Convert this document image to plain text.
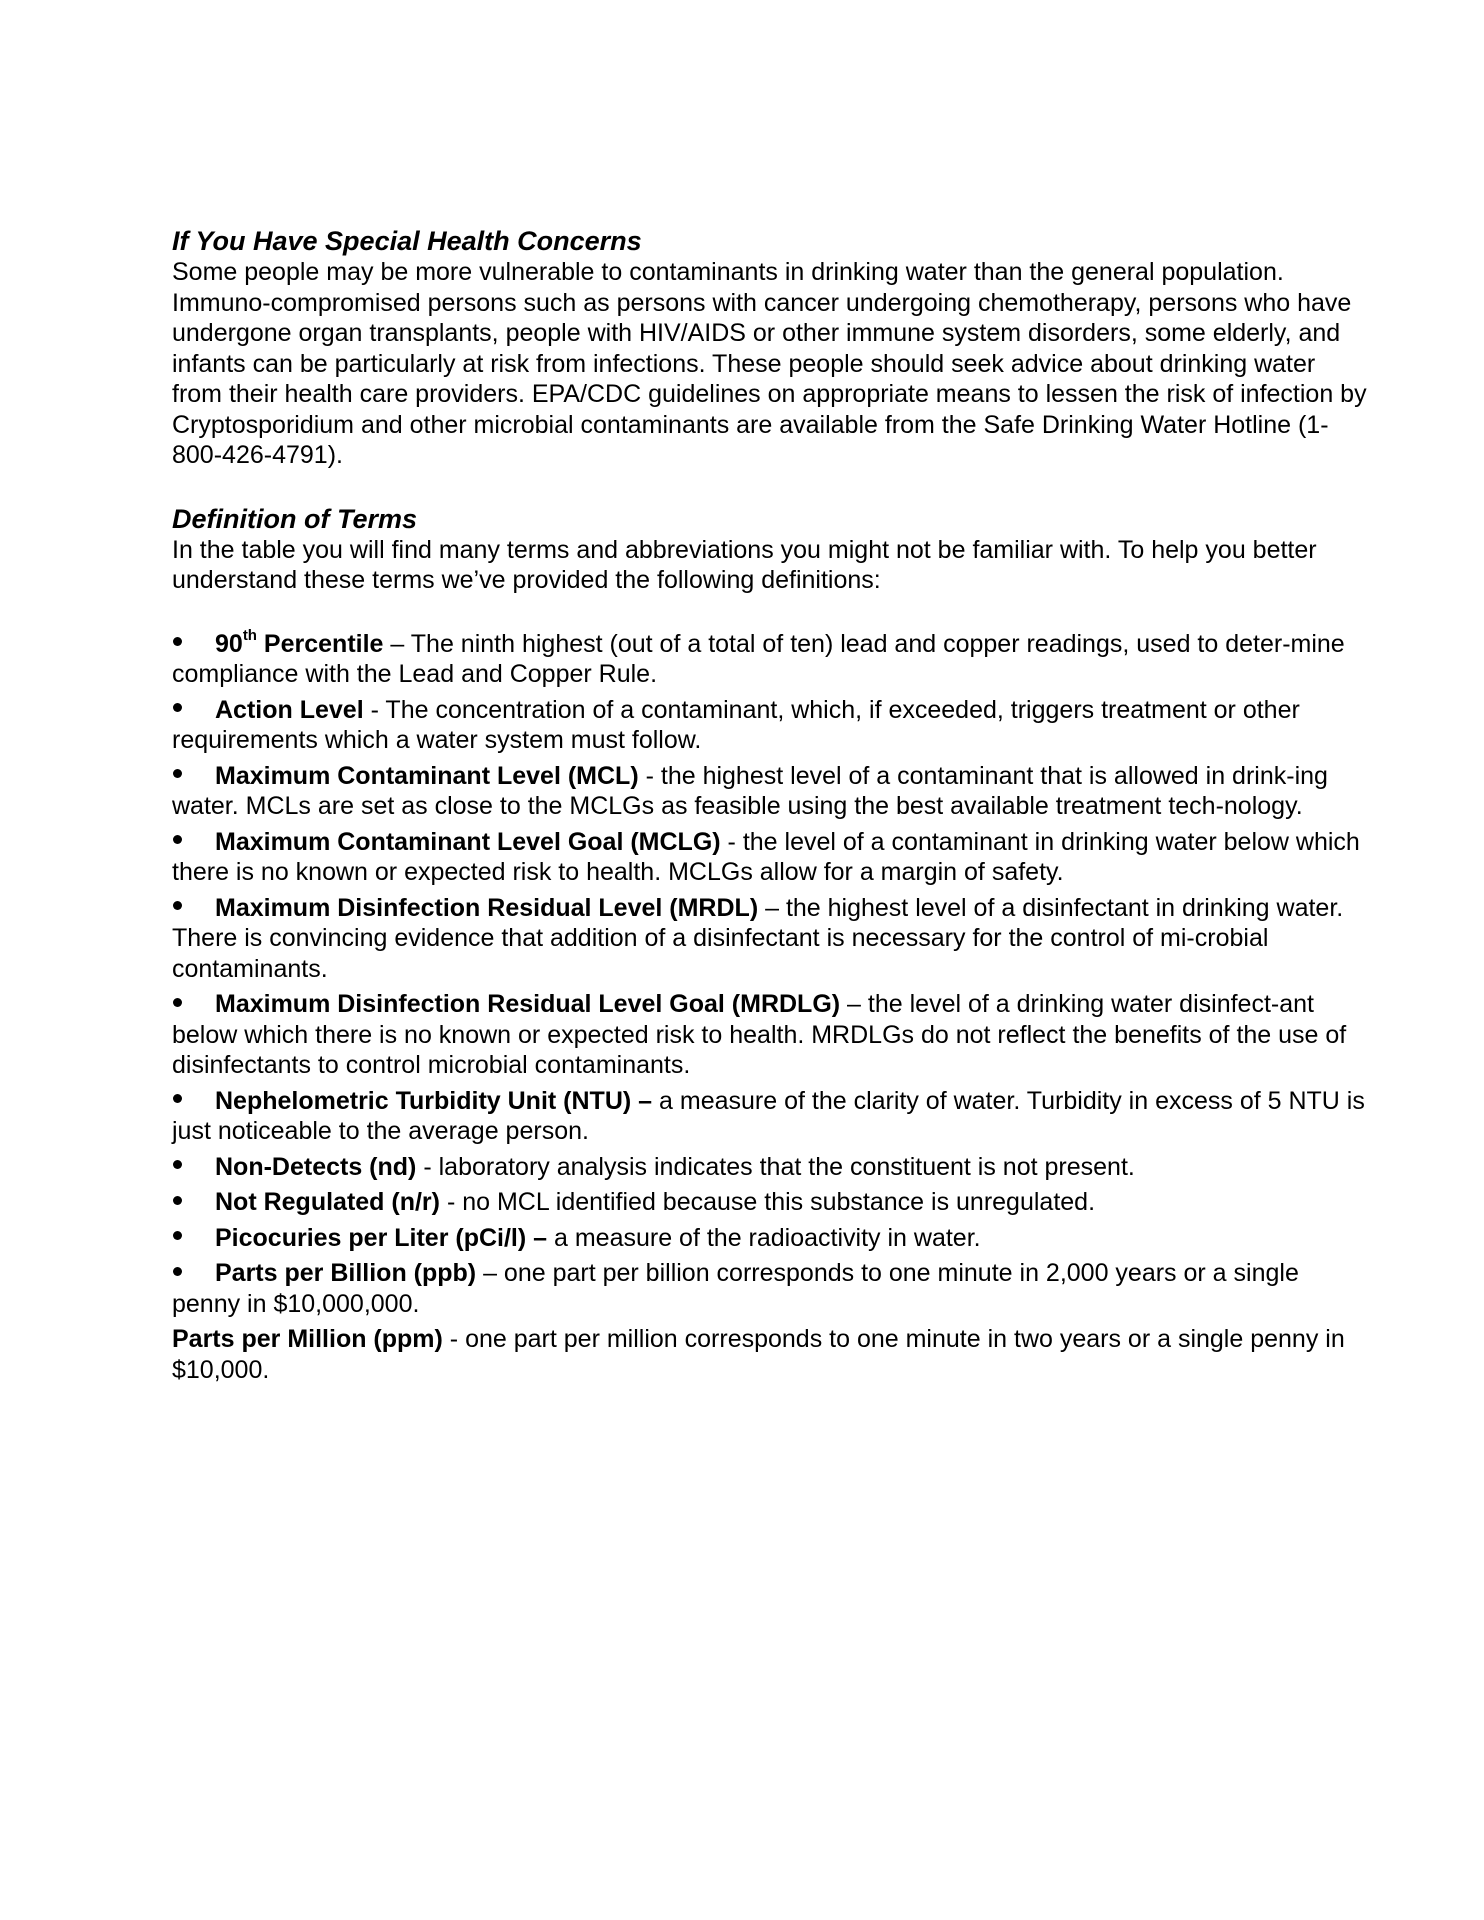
If You Have Special Health Concerns

Some people may be more vulnerable to contaminants in drinking water than the general population. Immuno-compromised persons such as persons with cancer undergoing chemotherapy, persons who have undergone organ transplants, people with HIV/AIDS or other immune system disorders, some elderly, and infants can be particularly at risk from infections. These people should seek advice about drinking water from their health care providers. EPA/CDC guidelines on appropriate means to lessen the risk of infection by Cryptosporidium and other microbial contaminants are available from the Safe Drinking Water Hotline (1-800-426-4791).

Definition of Terms

In the table you will find many terms and abbreviations you might not be familiar with. To help you better understand these terms we’ve provided the following definitions:

90th Percentile – The ninth highest (out of a total of ten) lead and copper readings, used to deter-mine compliance with the Lead and Copper Rule.
Action Level - The concentration of a contaminant, which, if exceeded, triggers treatment or other requirements which a water system must follow.
Maximum Contaminant Level (MCL) - the highest level of a contaminant that is allowed in drink-ing water. MCLs are set as close to the MCLGs as feasible using the best available treatment tech-nology.
Maximum Contaminant Level Goal (MCLG) - the level of a contaminant in drinking water below which there is no known or expected risk to health. MCLGs allow for a margin of safety.
Maximum Disinfection Residual Level (MRDL) – the highest level of a disinfectant in drinking water. There is convincing evidence that addition of a disinfectant is necessary for the control of mi-crobial contaminants.
Maximum Disinfection Residual Level Goal (MRDLG) – the level of a drinking water disinfect-ant below which there is no known or expected risk to health. MRDLGs do not reflect the benefits of the use of disinfectants to control microbial contaminants.
Nephelometric Turbidity Unit (NTU) – a measure of the clarity of water. Turbidity in excess of 5 NTU is just noticeable to the average person.
Non-Detects (nd) - laboratory analysis indicates that the constituent is not present.
Not Regulated (n/r) - no MCL identified because this substance is unregulated.
Picocuries per Liter (pCi/l) – a measure of the radioactivity in water.
Parts per Billion (ppb) – one part per billion corresponds to one minute in 2,000 years or a single penny in $10,000,000.

Parts per Million (ppm) - one part per million corresponds to one minute in two years or a single penny in $10,000.
